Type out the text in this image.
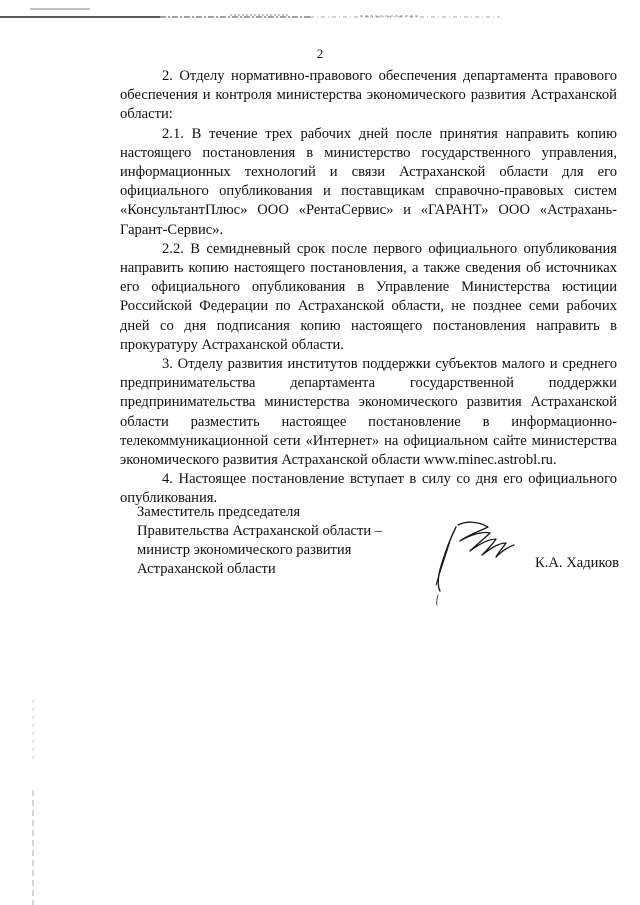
2

2. Отделу нормативно-правового обеспечения департамента правового обеспечения и контроля министерства экономического развития Астраханской области:

2.1. В течение трех рабочих дней после принятия направить копию настоящего постановления в министерство государственного управления, информационных технологий и связи Астраханской области для его официального опубликования и поставщикам справочно-правовых систем «КонсультантПлюс» ООО «РентаСервис» и «ГАРАНТ» ООО «Астрахань-Гарант-Сервис».

2.2. В семидневный срок после первого официального опубликования направить копию настоящего постановления, а также сведения об источниках его официального опубликования в Управление Министерства юстиции Российской Федерации по Астраханской области, не позднее семи рабочих дней со дня подписания копию настоящего постановления направить в прокуратуру Астраханской области.

3. Отделу развития институтов поддержки субъектов малого и среднего предпринимательства департамента государственной поддержки предпринимательства министерства экономического развития Астраханской области разместить настоящее постановление в информационно-телекоммуникационной сети «Интернет» на официальном сайте министерства экономического развития Астраханской области www.minec.astrobl.ru.

4. Настоящее постановление вступает в силу со дня его официального опубликования.

Заместитель председателя
Правительства Астраханской области –
министр экономического развития
Астраханской области	К.А. Хадиков
